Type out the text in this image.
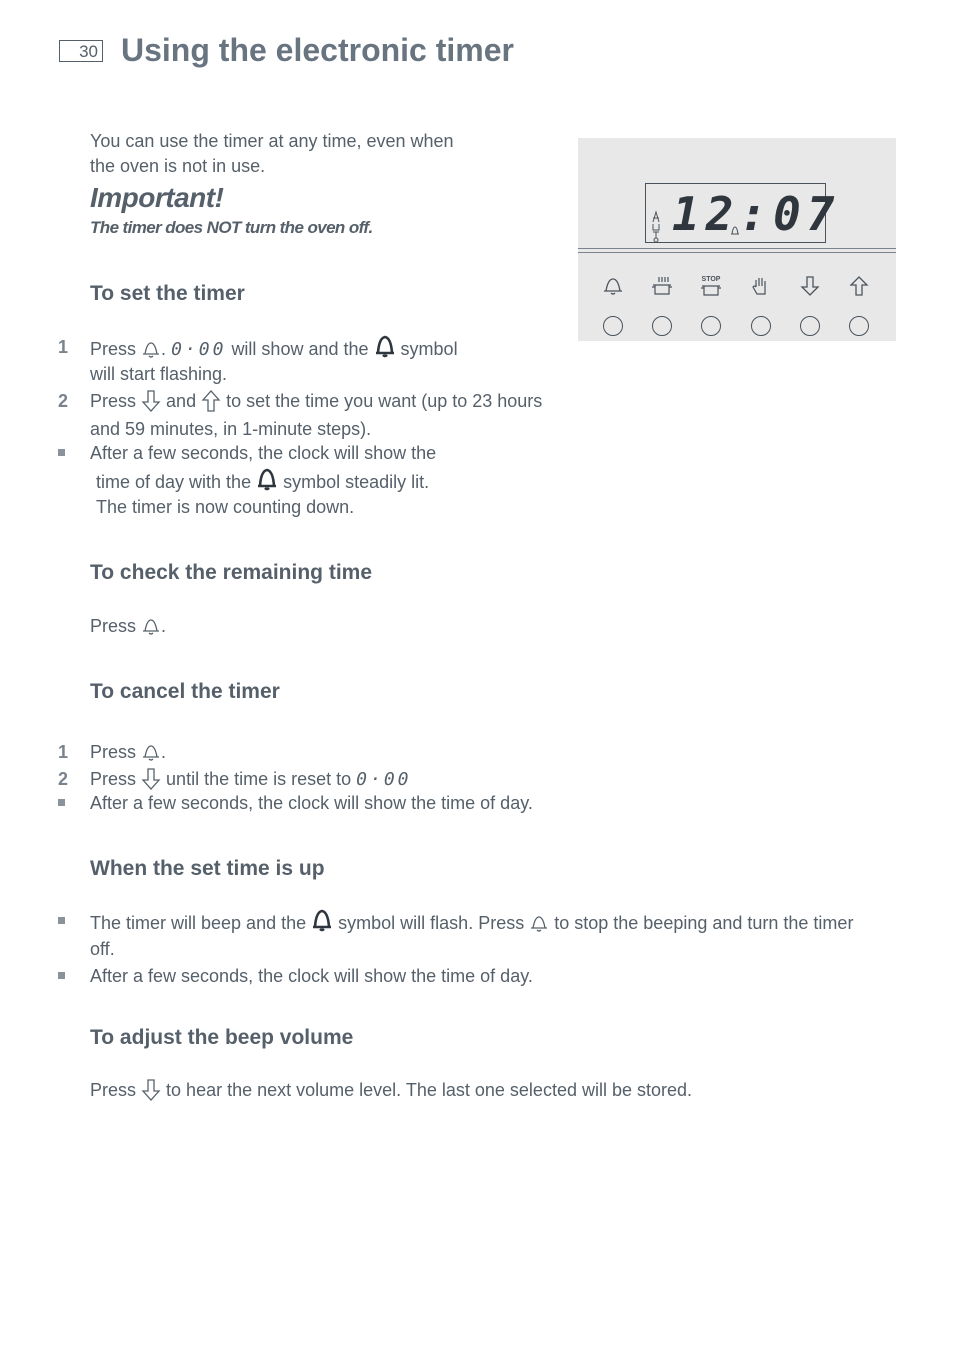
30 Using the electronic timer
You can use the timer at any time, even when
the oven is not in use.
Important!
The timer does NOT turn the oven off.	12:07
STOP
To set the timer
1 Press . 0·00 will show and the symbol
will start flashing.
2 Press and to set the time you want (up to 23 hours
and 59 minutes, in 1-minute steps).
After a few seconds, the clock will show the
time of day with the symbol steadily lit.
The timer is now counting down.
To check the remaining time
Press .
To cancel the timer
1 Press .
2 Press until the time is reset to 0·00
After a few seconds, the clock will show the time of day.
When the set time is up
The timer will beep and the symbol will flash. Press to stop the beeping and turn the timer
off.
After a few seconds, the clock will show the time of day.
To adjust the beep volume
Press to hear the next volume level. The last one selected will be stored.
